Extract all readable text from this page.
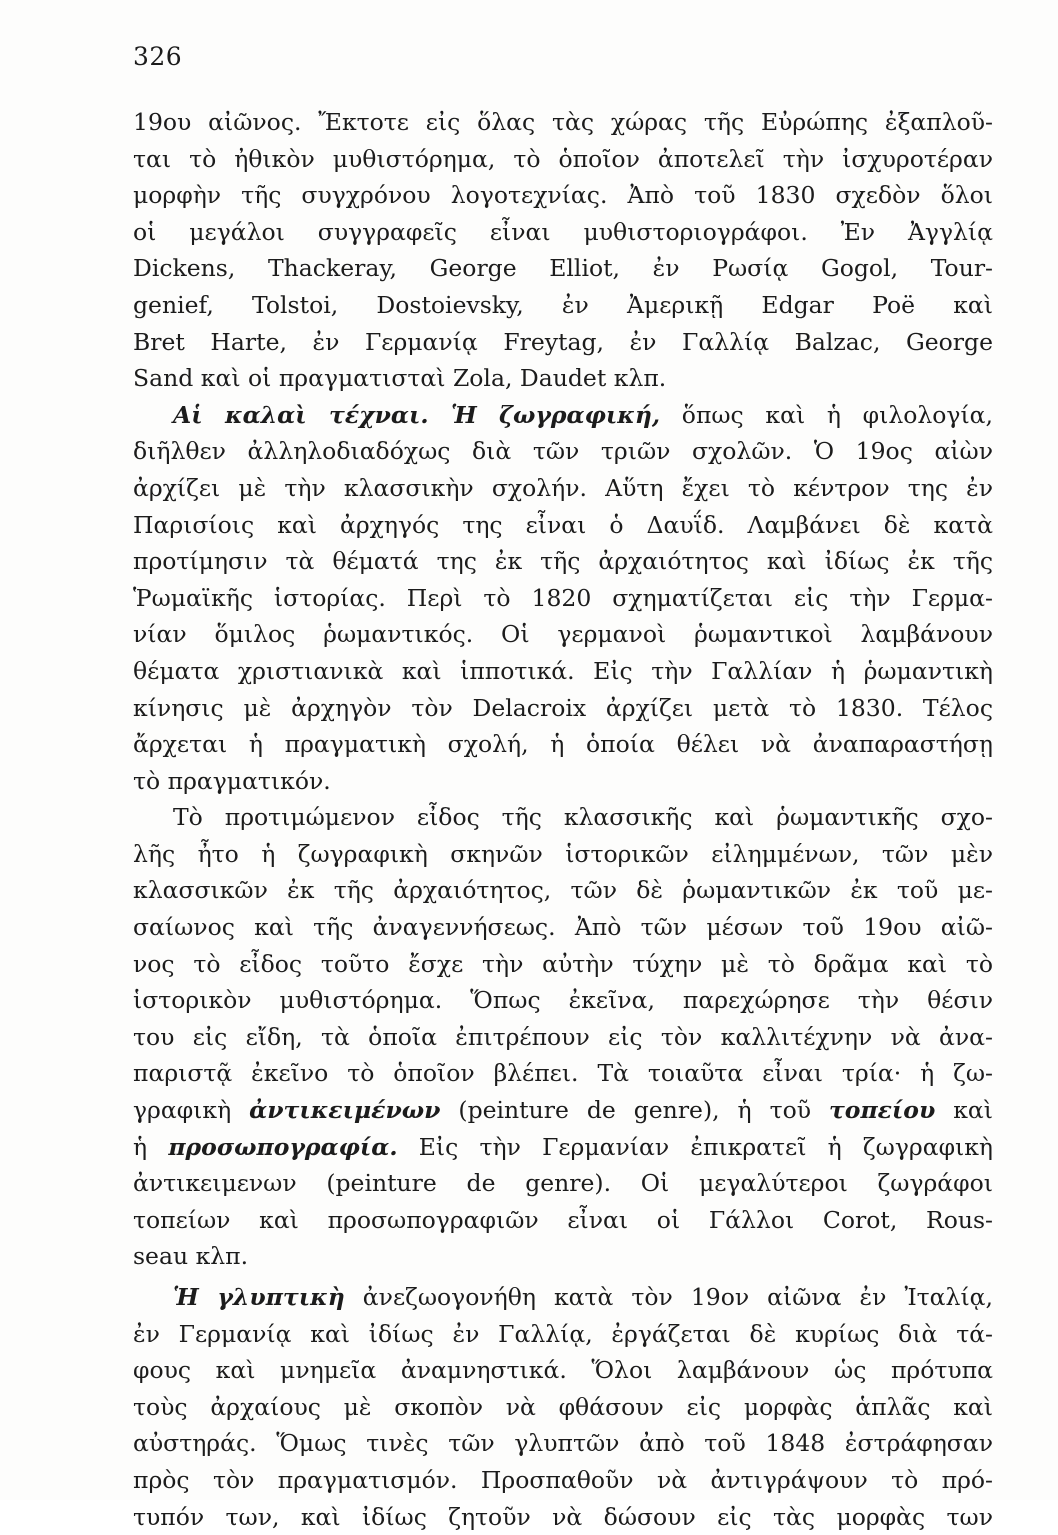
326
19ου αἰῶνος. Ἔκτοτε εἰς ὅλας τὰς χώρας τῆς Εὐρώπης ἐξαπλοῦ-
ται τὸ ἠθικὸν μυθιστόρημα, τὸ ὁποῖον ἀποτελεῖ τὴν ἰσχυροτέραν
μορφὴν τῆς συγχρόνου λογοτεχνίας. Ἀπὸ τοῦ 1830 σχεδὸν ὅλοι
οἱ μεγάλοι συγγραφεῖς εἶναι μυθιστοριογράφοι. Ἐν Ἀγγλίᾳ
Dickens, Thackeray, George Elliot, ἐν Ρωσίᾳ Gogol, Tour-
genief, Tolstoi, Dostoievsky, ἐν Ἀμερικῇ Edgar Poë καὶ
Bret Harte, ἐν Γερμανίᾳ Freytag, ἐν Γαλλίᾳ Balzac, George
Sand καὶ οἱ πραγματισταὶ Zola, Daudet κλπ.
Αἱ καλαὶ τέχναι. Ἡ ζωγραφική, ὅπως καὶ ἡ φιλολογία,
διῆλθεν ἀλληλοδιαδόχως διὰ τῶν τριῶν σχολῶν. Ὁ 19ος αἰὼν
ἀρχίζει μὲ τὴν κλασσικὴν σχολήν. Αὕτη ἔχει τὸ κέντρον της ἐν
Παρισίοις καὶ ἀρχηγός της εἶναι ὁ Δαυΐδ. Λαμβάνει δὲ κατὰ
προτίμησιν τὰ θέματά της ἐκ τῆς ἀρχαιότητος καὶ ἰδίως ἐκ τῆς
Ῥωμαϊκῆς ἱστορίας. Περὶ τὸ 1820 σχηματίζεται εἰς τὴν Γερμα-
νίαν ὅμιλος ῥωμαντικός. Οἱ γερμανοὶ ῥωμαντικοὶ λαμβάνουν
θέματα χριστιανικὰ καὶ ἱπποτικά. Εἰς τὴν Γαλλίαν ἡ ῥωμαντικὴ
κίνησις μὲ ἀρχηγὸν τὸν Delacroix ἀρχίζει μετὰ τὸ 1830. Τέλος
ἄρχεται ἡ πραγματικὴ σχολή, ἡ ὁποία θέλει νὰ ἀναπαραστήσῃ
τὸ πραγματικόν.
Τὸ προτιμώμενον εἶδος τῆς κλασσικῆς καὶ ῥωμαντικῆς σχο-
λῆς ἦτο ἡ ζωγραφικὴ σκηνῶν ἱστορικῶν εἰλημμένων, τῶν μὲν
κλασσικῶν ἐκ τῆς ἀρχαιότητος, τῶν δὲ ῥωμαντικῶν ἐκ τοῦ με-
σαίωνος καὶ τῆς ἀναγεννήσεως. Ἀπὸ τῶν μέσων τοῦ 19ου αἰῶ-
νος τὸ εἶδος τοῦτο ἔσχε τὴν αὐτὴν τύχην μὲ τὸ δρᾶμα καὶ τὸ
ἱστορικὸν μυθιστόρημα. Ὅπως ἐκεῖνα, παρεχώρησε τὴν θέσιν
του εἰς εἴδη, τὰ ὁποῖα ἐπιτρέπουν εἰς τὸν καλλιτέχνην νὰ ἀνα-
παριστᾷ ἐκεῖνο τὸ ὁποῖον βλέπει. Τὰ τοιαῦτα εἶναι τρία· ἡ ζω-
γραφικὴ ἀντικειμένων (peinture de genre), ἡ τοῦ τοπείου καὶ
ἡ προσωπογραφία. Εἰς τὴν Γερμανίαν ἐπικρατεῖ ἡ ζωγραφικὴ
ἀντικειμενων (peinture de genre). Οἱ μεγαλύτεροι ζωγράφοι
τοπείων καὶ προσωπογραφιῶν εἶναι οἱ Γάλλοι Corot, Rous-
seau κλπ.
Ἡ γλυπτικὴ ἀνεζωογονήθη κατὰ τὸν 19ον αἰῶνα ἐν Ἰταλίᾳ,
ἐν Γερμανίᾳ καὶ ἰδίως ἐν Γαλλίᾳ, ἐργάζεται δὲ κυρίως διὰ τά-
φους καὶ μνημεῖα ἀναμνηστικά. Ὅλοι λαμβάνουν ὡς πρότυπα
τοὺς ἀρχαίους μὲ σκοπὸν νὰ φθάσουν εἰς μορφὰς ἁπλᾶς καὶ
αὐστηράς. Ὅμως τινὲς τῶν γλυπτῶν ἀπὸ τοῦ 1848 ἐστράφησαν
πρὸς τὸν πραγματισμόν. Προσπαθοῦν νὰ ἀντιγράψουν τὸ πρό-
τυπόν των, καὶ ἰδίως ζητοῦν νὰ δώσουν εἰς τὰς μορφὰς των
